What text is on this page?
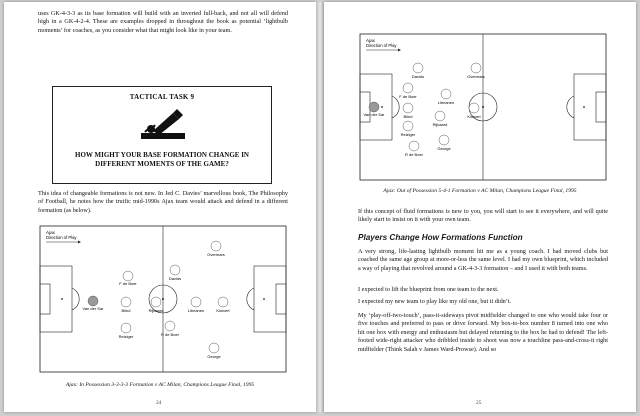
uses GK-4-3-3 as its base formation will build with an inverted full-back, and not all will defend high in a GK-4-2-4. These are examples dropped in throughout the book as potential ‘lightbulb moments’ for coaches, as you consider what that might look like in your team.
TACTICAL TASK 9
HOW MIGHT YOUR BASE FORMATION CHANGE IN DIFFERENT MOMENTS OF THE GAME?
This idea of changeable formations is not new. In Jed C. Davies’ marvellous book, The Philosophy of Football, he notes how the truific mid-1990s Ajax team would attack and defend in a different formation (as below).
Ajax
Direction of Play
Overmars
F de Boer
Davids
Van der Sar	Blind	Rijkaard	Litmanen	Kluivert
Reiziger	R de Boer
George
Ajax: In Possession 3-3-3-3 Formation v AC Milan, Champions League Final, 1995
24
Ajax
Direction of Play
Davids	Overmars
F de Boer
Litmanen
Van der Sar	Blind
Rijkaard
Kluivert
Reiziger
George
R de Boer
Ajax: Out of Possession 5-4-1 Formation v AC Milan, Champions League Final, 1995
If this concept of fluid formations is new to you, you will start to see it everywhere, and will quite likely start to insist on it with your own team.
Players Change How Formations Function
A very strong, life-lasting lightbulb moment hit me as a young coach. I had moved clubs but coached the same age group at more-or-less the same level. I had my own blueprint, which included a way of playing that revolved around a GK-4-3-3 formation – and I used it with both teams.
I expected to lift the blueprint from one team to the next.
I expected my new team to play like my old one, but it didn’t.
My ‘play-off-two-touch’, pass-it-sideways pivot midfielder changed to one who would take four or five touches and preferred to pass or drive forward. My box-to-box number 8 turned into one who hit one box with energy and enthusiasm but delayed returning to the box he had to defend! The left-footed wide-right attacker who dribbled inside to shoot was now a touchline pass-and-cross-it right midfielder (Think Salah v James Ward-Prowse). And so
25
